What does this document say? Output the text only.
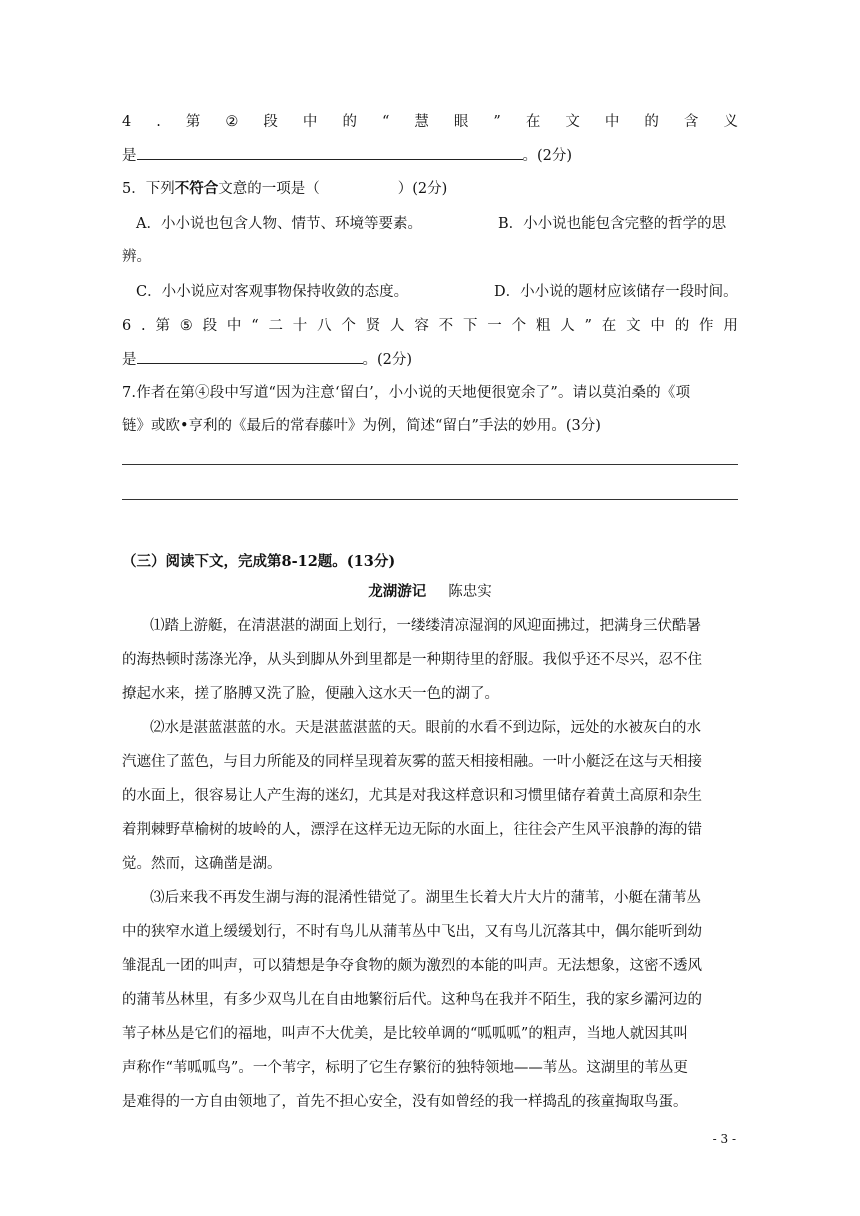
4 . 第 ② 段 中 的 “ 慧 眼 ” 在 文 中 的 含 义
是	。(2分)
5．下列不符合文意的一项是（	）(2分)
A．小小说也包含人物、情节、环境等要素。	B．小小说也能包含完整的哲学的思
辨。
C．小小说应对客观事物保持收敛的态度。	D．小小说的题材应该储存一段时间。
6 . 第 ⑤ 段 中 “ 二 十 八 个 贤 人 容 不 下 一 个 粗 人 ” 在 文 中 的 作 用
是	。(2分)
7.作者在第④段中写道“因为注意‘留白’，小小说的天地便很宽余了”。请以莫泊桑的《项
链》或欧•亨利的《最后的常春藤叶》为例，简述“留白”手法的妙用。(3分)
（三）阅读下文，完成第8-12题。(13分)
龙湖游记 陈忠实
⑴踏上游艇，在清湛湛的湖面上划行，一缕缕清凉湿润的风迎面拂过，把满身三伏酷暑
的海热顿时荡涤光净，从头到脚从外到里都是一种期待里的舒服。我似乎还不尽兴，忍不住
撩起水来，搓了胳膊又洗了脸，便融入这水天一色的湖了。
⑵水是湛蓝湛蓝的水。天是湛蓝湛蓝的天。眼前的水看不到边际，远处的水被灰白的水
汽遮住了蓝色，与目力所能及的同样呈现着灰雾的蓝天相接相融。一叶小艇泛在这与天相接
的水面上，很容易让人产生海的迷幻，尤其是对我这样意识和习惯里储存着黄土高原和杂生
着荆棘野草榆树的坡岭的人，漂浮在这样无边无际的水面上，往往会产生风平浪静的海的错
觉。然而，这确凿是湖。
⑶后来我不再发生湖与海的混淆性错觉了。湖里生长着大片大片的蒲苇，小艇在蒲苇丛
中的狭窄水道上缓缓划行，不时有鸟儿从蒲苇丛中飞出，又有鸟儿沉落其中，偶尔能听到幼
雏混乱一团的叫声，可以猜想是争夺食物的颇为激烈的本能的叫声。无法想象，这密不透风
的蒲苇丛林里，有多少双鸟儿在自由地繁衍后代。这种鸟在我并不陌生，我的家乡灞河边的
苇子林丛是它们的福地，叫声不大优美，是比较单调的“呱呱呱”的粗声，当地人就因其叫
声称作“苇呱呱鸟”。一个苇字，标明了它生存繁衍的独特领地——苇丛。这湖里的苇丛更
是难得的一方自由领地了，首先不担心安全，没有如曾经的我一样捣乱的孩童掏取鸟蛋。
- 3 -
